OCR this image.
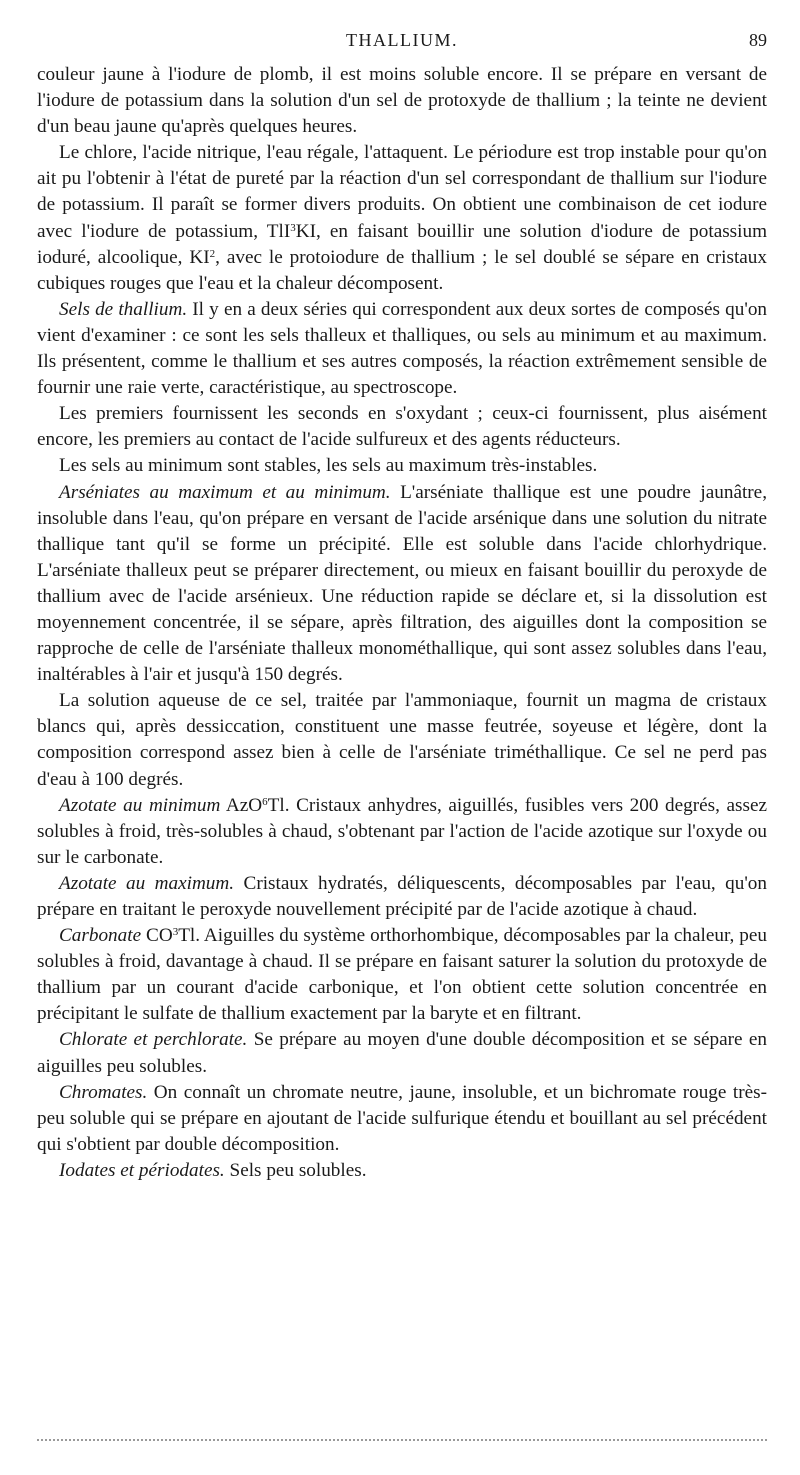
THALLIUM.	89

couleur jaune à l'iodure de plomb, il est moins soluble encore. Il se prépare en versant de l'iodure de potassium dans la solution d'un sel de protoxyde de thallium ; la teinte ne devient d'un beau jaune qu'après quelques heures.

Le chlore, l'acide nitrique, l'eau régale, l'attaquent. Le périodure est trop instable pour qu'on ait pu l'obtenir à l'état de pureté par la réaction d'un sel correspondant de thallium sur l'iodure de potassium. Il paraît se former divers produits. On obtient une combinaison de cet iodure avec l'iodure de potassium, TlI$^3$KI, en faisant bouillir une solution d'iodure de potassium ioduré, alcoolique, $KI^2$, avec le protoiodure de thallium ; le sel doublé se sépare en cristaux cubiques rouges que l'eau et la chaleur décomposent.

Sels de thallium. Il y en a deux séries qui correspondent aux deux sortes de composés qu'on vient d'examiner : ce sont les sels thalleux et thalliques, ou sels au minimum et au maximum. Ils présentent, comme le thallium et ses autres composés, la réaction extrêmement sensible de fournir une raie verte, caractéristique, au spectroscope.

Les premiers fournissent les seconds en s'oxydant ; ceux-ci fournissent, plus aisément encore, les premiers au contact de l'acide sulfureux et des agents réducteurs.

Les sels au minimum sont stables, les sels au maximum très-instables.

Arséniates au maximum et au minimum. L'arséniate thallique est une poudre jaunâtre, insoluble dans l'eau, qu'on prépare en versant de l'acide arsénique dans une solution du nitrate thallique tant qu'il se forme un précipité. Elle est soluble dans l'acide chlorhydrique. L'arséniate thalleux peut se préparer directement, ou mieux en faisant bouillir du peroxyde de thallium avec de l'acide arsénieux. Une réduction rapide se déclare et, si la dissolution est moyennement concentrée, il se sépare, après filtration, des aiguilles dont la composition se rapproche de celle de l'arséniate thalleux monométhallique, qui sont assez solubles dans l'eau, inaltérables à l'air et jusqu'à 150 degrés.

La solution aqueuse de ce sel, traitée par l'ammoniaque, fournit un magma de cristaux blancs qui, après dessiccation, constituent une masse feutrée, soyeuse et légère, dont la composition correspond assez bien à celle de l'arséniate triméthallique. Ce sel ne perd pas d'eau à 100 degrés.

Azotate au minimum AzO$^6$Tl. Cristaux anhydres, aiguillés, fusibles vers 200 degrés, assez solubles à froid, très-solubles à chaud, s'obtenant par l'action de l'acide azotique sur l'oxyde ou sur le carbonate.

Azotate au maximum. Cristaux hydratés, déliquescents, décomposables par l'eau, qu'on prépare en traitant le peroxyde nouvellement précipité par de l'acide azotique à chaud.

Carbonate $CO^3Tl$. Aiguilles du système orthorhombique, décomposables par la chaleur, peu solubles à froid, davantage à chaud. Il se prépare en faisant saturer la solution du protoxyde de thallium par un courant d'acide carbonique, et l'on obtient cette solution concentrée en précipitant le sulfate de thallium exactement par la baryte et en filtrant.

Chlorate et perchlorate. Se prépare au moyen d'une double décomposition et se sépare en aiguilles peu solubles.

Chromates. On connaît un chromate neutre, jaune, insoluble, et un bichromate rouge très-peu soluble qui se prépare en ajoutant de l'acide sulfurique étendu et bouillant au sel précédent qui s'obtient par double décomposition.

Iodates et périodates. Sels peu solubles.
